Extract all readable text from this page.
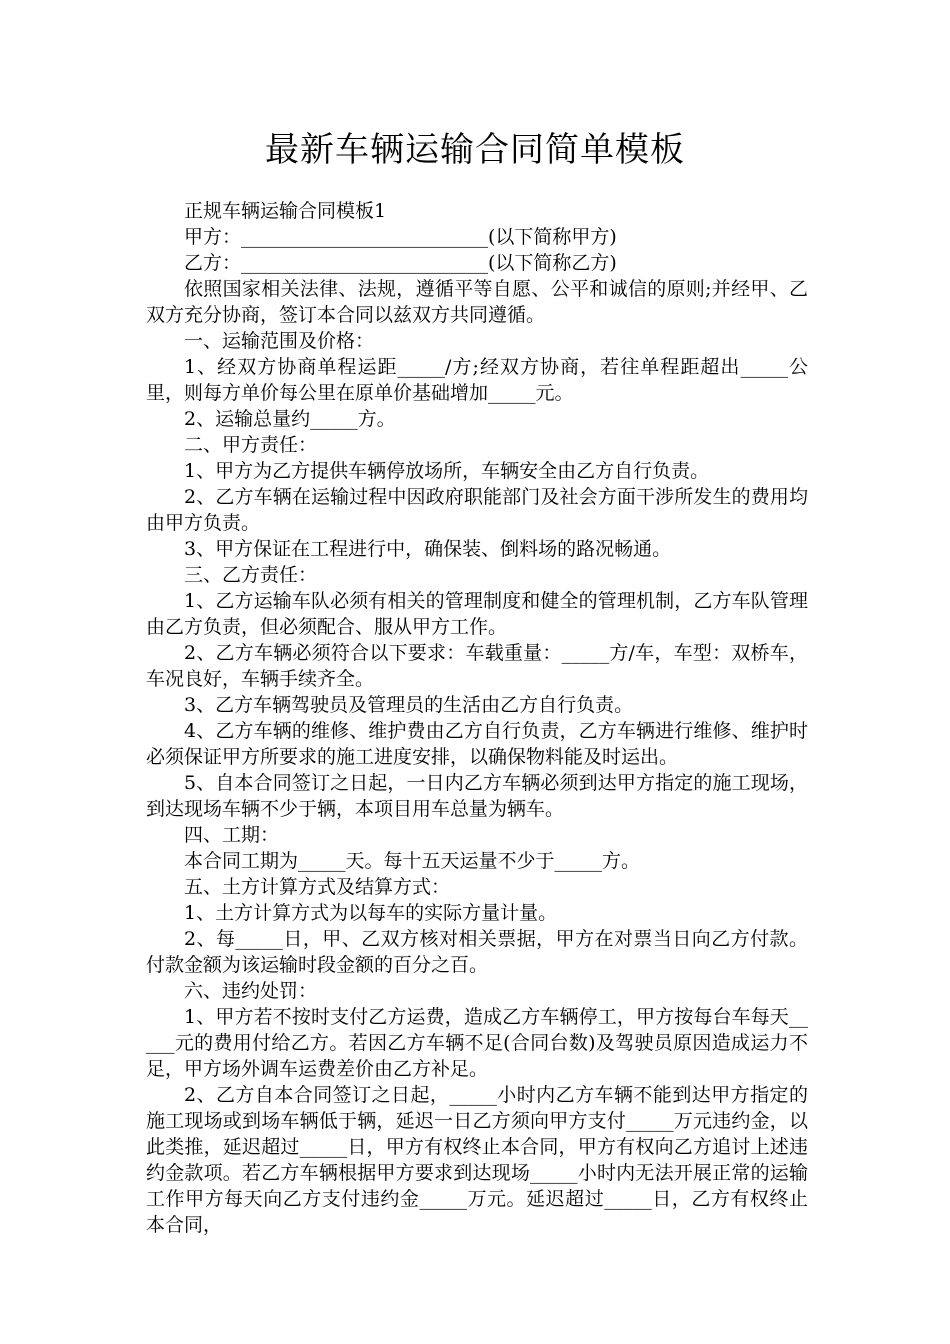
最新车辆运输合同简单模板

正规车辆运输合同模板1

甲方：__________________________(以下简称甲方)

乙方：__________________________(以下简称乙方)

依照国家相关法律、法规，遵循平等自愿、公平和诚信的原则;并经甲、乙双方充分协商，签订本合同以兹双方共同遵循。

一、运输范围及价格：

1、经双方协商单程运距_____/方;经双方协商，若往单程距超出_____公里，则每方单价每公里在原单价基础增加_____元。

2、运输总量约_____方。

二、甲方责任：

1、甲方为乙方提供车辆停放场所，车辆安全由乙方自行负责。

2、乙方车辆在运输过程中因政府职能部门及社会方面干涉所发生的费用均由甲方负责。

3、甲方保证在工程进行中，确保装、倒料场的路况畅通。

三、乙方责任：

1、乙方运输车队必须有相关的管理制度和健全的管理机制，乙方车队管理由乙方负责，但必须配合、服从甲方工作。

2、乙方车辆必须符合以下要求：车载重量：_____方/车，车型：双桥车，车况良好，车辆手续齐全。

3、乙方车辆驾驶员及管理员的生活由乙方自行负责。

4、乙方车辆的维修、维护费由乙方自行负责，乙方车辆进行维修、维护时必须保证甲方所要求的施工进度安排，以确保物料能及时运出。

5、自本合同签订之日起，一日内乙方车辆必须到达甲方指定的施工现场，到达现场车辆不少于辆，本项目用车总量为辆车。

四、工期：

本合同工期为_____天。每十五天运量不少于_____方。

五、土方计算方式及结算方式：

1、土方计算方式为以每车的实际方量计量。

2、每_____日，甲、乙双方核对相关票据，甲方在对票当日向乙方付款。付款金额为该运输时段金额的百分之百。

六、违约处罚：

1、甲方若不按时支付乙方运费，造成乙方车辆停工，甲方按每台车每天_____元的费用付给乙方。若因乙方车辆不足(合同台数)及驾驶员原因造成运力不足，甲方场外调车运费差价由乙方补足。

2、乙方自本合同签订之日起，_____小时内乙方车辆不能到达甲方指定的施工现场或到场车辆低于辆，延迟一日乙方须向甲方支付_____万元违约金，以此类推，延迟超过_____日，甲方有权终止本合同，甲方有权向乙方追讨上述违约金款项。若乙方车辆根据甲方要求到达现场_____小时内无法开展正常的运输工作甲方每天向乙方支付违约金_____万元。延迟超过_____日，乙方有权终止本合同，
